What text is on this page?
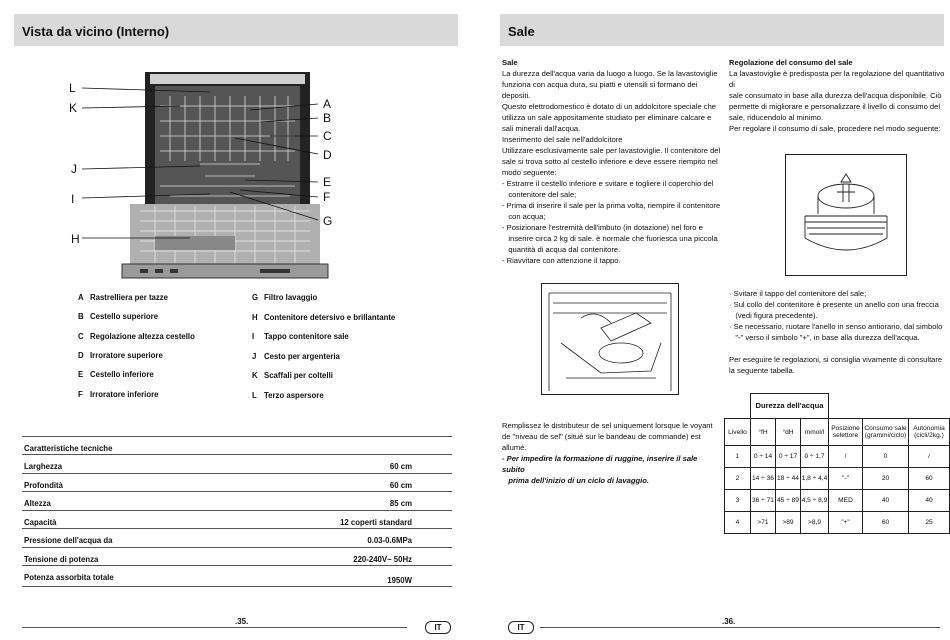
Vista da vicino (Interno)
L
K
J
I
H
A
B
C
D
E
F
G
A Rastrelliera per tazze
B Cestello superiore
C Regolazione altezza cestello
D Irroratore superiore
E Cestello inferiore
F Irroratore inferiore
G Filtro lavaggio
H Contenitore detersivo e brillantante
I Tappo contenitore sale
J Cesto per argenteria
K Scaffali per coltelli
L Terzo aspersore
Caratteristiche tecniche
Larghezza	60 cm
Profondità	60 cm
Altezza	85 cm
Capacità	12 coperti standard
Pressione dell'acqua da	0.03-0.6MPa
Tensione di potenza	220-240V~ 50Hz
Potenza assorbita totale	1950W
.35.
IT
Sale
Sale
La durezza dell'acqua varia da luogo a luogo. Se la lavastoviglie
funziona con acqua dura, su piatti e utensili si formano dei depositi.
Questo elettrodomestico è dotato di un addolcitore speciale che
utilizza un sale appositamente studiato per eliminare calcare e
sali minerali dall'acqua.
Inserimento del sale nell'addolcitore
Utilizzare esclusivamente sale per lavastoviglie. Il contenitore del
sale si trova sotto al cestello inferiore e deve essere riempito nel
modo seguente:
- Estrarre il cestello inferiore e svitare e togliere il coperchio del
contenitore del sale;
- Prima di inserire il sale per la prima volta, riempire il contenitore
con acqua;
- Posizionare l'estremità dell'imbuto (in dotazione) nel foro e
inserire circa 2 kg di sale. è normale che fuoriesca una piccola
quantità di acqua dal contenitore.
- Riavvitare con attenzione il tappo.
Remplissez le distributeur de sel uniquement lorsque le voyant
de "niveau de sel" (situé sur le bandeau de commande) est
allumé.
- Per impedire la formazione di ruggine, inserire il sale subito
prima dell'inizio di un ciclo di lavaggio.
Regolazione del consumo del sale
La lavastoviglie è predisposta per la regolazione del quantitativo di
sale consumato in base alla durezza dell'acqua disponibile. Ciò
permette di migliorare e personalizzare il livello di consumo del
sale, riducendolo al minimo.
Per regolare il consumo di sale, procedere nel modo seguente:
· Svitare il tappo del contenitore del sale;
· Sul collo del contenitore è presente un anello con una freccia
(vedi figura precedente).
· Se necessario, ruotare l'anello in senso antiorario, dal simbolo
"-" verso il simbolo "+", in base alla durezza dell'acqua.
Per eseguire le regolazioni, si consiglia vivamente di consultare
la seguente tabella.
	Durezza dell'acqua					
Livello	°fH	°dH	mmol/l	Posizione selettore	Consumo sale (grammi/ciclo)	Autonomia (cicli/2kg.)
1	0 ÷ 14	0 ÷ 17	0 ÷ 1,7	/	0	/
2	14 ÷ 36	18 ÷ 44	1,8 ÷ 4,4	"-"	20	60
3	36 ÷ 71	45 ÷ 89	4,5 ÷ 8,9	MED	40	40
4	>71	>89	>8,9	"+"	60	25
IT
.36.
